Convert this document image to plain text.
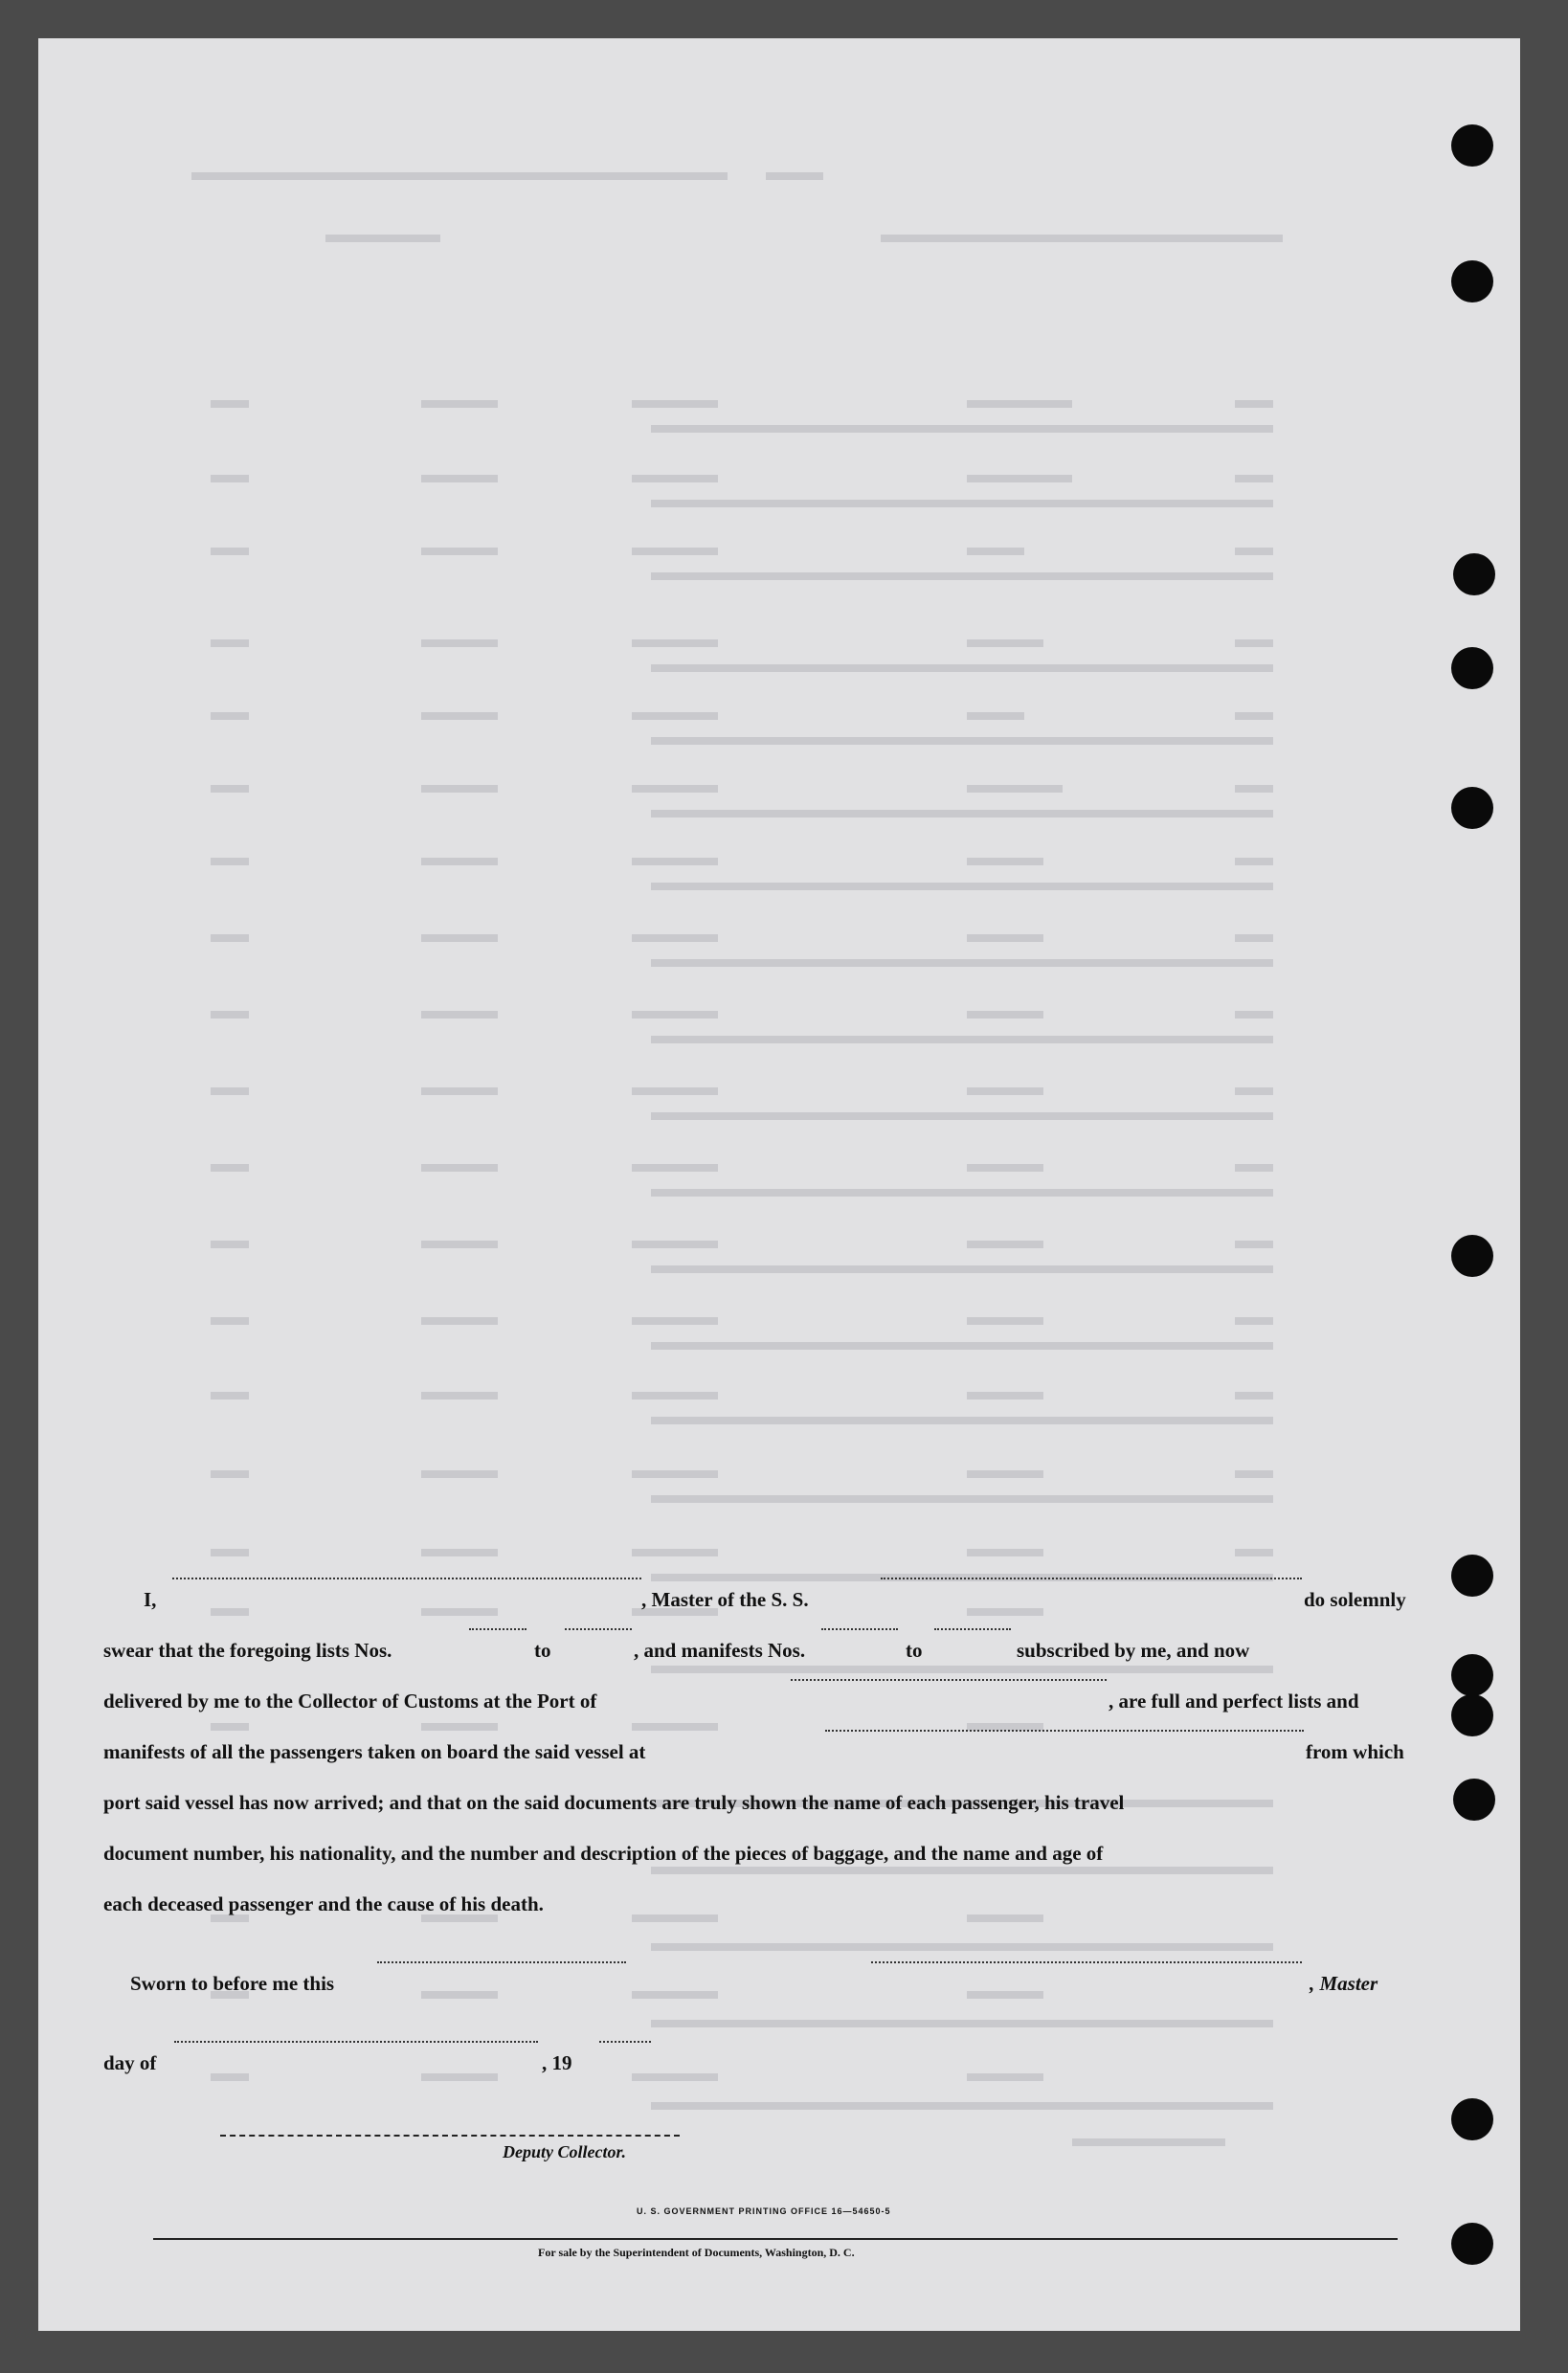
I,	, Master of the S. S.	do solemnly
swear that the foregoing lists Nos.	to	, and manifests Nos.	to	subscribed by me, and now
delivered by me to the Collector of Customs at the Port of	, are full and perfect lists and
manifests of all the passengers taken on board the said vessel at	from which
port said vessel has now arrived; and that on the said documents are truly shown the name of each passenger, his travel
document number, his nationality, and the number and description of the pieces of baggage, and the name and age of
each deceased passenger and the cause of his death.
Sworn to before me this	, Master
day of	, 19
Deputy Collector.
U. S. GOVERNMENT PRINTING OFFICE 16—54650-5
For sale by the Superintendent of Documents, Washington, D. C.
